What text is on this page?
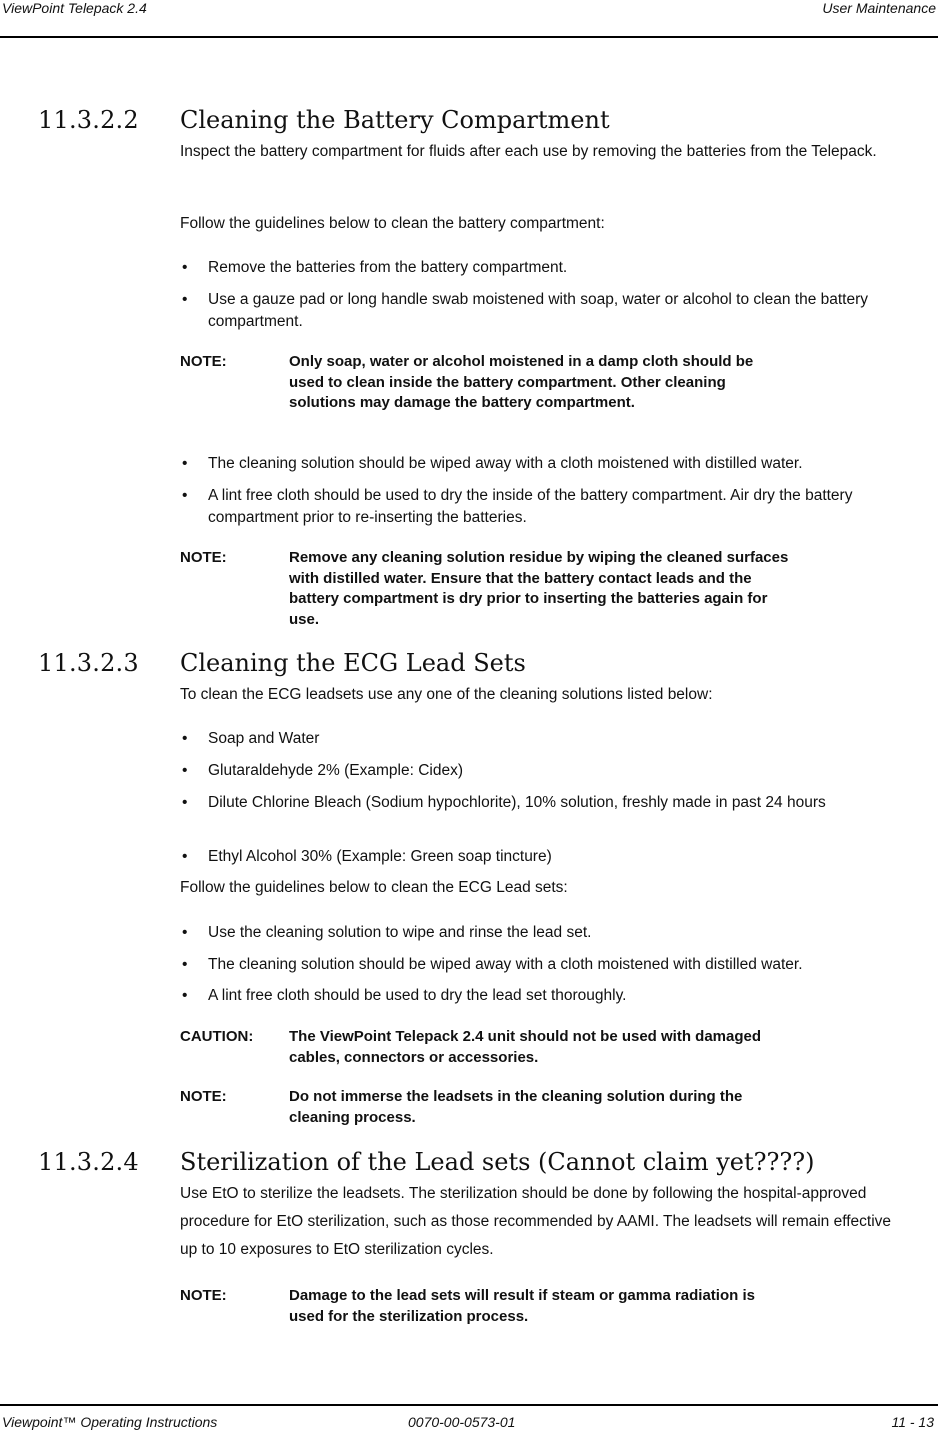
ViewPoint Telepack 2.4	User Maintenance
11.3.2.2 Cleaning the Battery Compartment
Inspect the battery compartment for fluids after each use by removing the batteries from the Telepack.
Follow the guidelines below to clean the battery compartment:
• Remove the batteries from the battery compartment.
• Use a gauze pad or long handle swab moistened with soap, water or alcohol to clean the battery compartment.
NOTE:	Only soap, water or alcohol moistened in a damp cloth should be used to clean inside the battery compartment. Other cleaning solutions may damage the battery compartment.
• The cleaning solution should be wiped away with a cloth moistened with distilled water.
• A lint free cloth should be used to dry the inside of the battery compartment. Air dry the battery compartment prior to re-inserting the batteries.
NOTE:	Remove any cleaning solution residue by wiping the cleaned surfaces with distilled water. Ensure that the battery contact leads and the battery compartment is dry prior to inserting the batteries again for use.
11.3.2.3 Cleaning the ECG Lead Sets
To clean the ECG leadsets use any one of the cleaning solutions listed below:
• Soap and Water
• Glutaraldehyde 2% (Example: Cidex)
• Dilute Chlorine Bleach (Sodium hypochlorite), 10% solution, freshly made in past 24 hours
• Ethyl Alcohol 30% (Example: Green soap tincture)
Follow the guidelines below to clean the ECG Lead sets:
• Use the cleaning solution to wipe and rinse the lead set.
• The cleaning solution should be wiped away with a cloth moistened with distilled water.
• A lint free cloth should be used to dry the lead set thoroughly.
CAUTION: The ViewPoint Telepack 2.4 unit should not be used with damaged cables, connectors or accessories.
NOTE:	Do not immerse the leadsets in the cleaning solution during the cleaning process.
11.3.2.4 Sterilization of the Lead sets (Cannot claim yet????)
Use EtO to sterilize the leadsets. The sterilization should be done by following the hospital-approved procedure for EtO sterilization, such as those recommended by AAMI. The leadsets will remain effective up to 10 exposures to EtO sterilization cycles.
NOTE:	Damage to the lead sets will result if steam or gamma radiation is used for the sterilization process.
Viewpoint™ Operating Instructions	0070-00-0573-01	11 - 13
